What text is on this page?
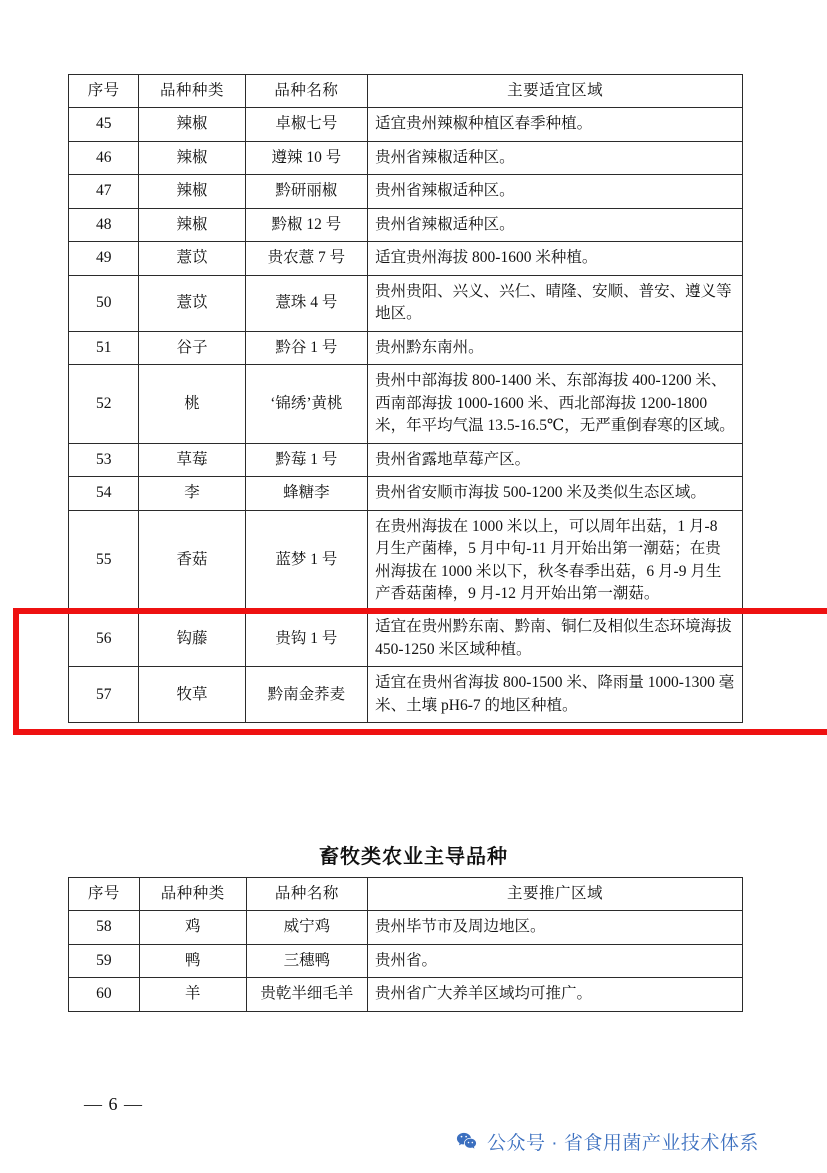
序号	品种种类	品种名称	主要适宜区域
45	辣椒	卓椒七号	适宜贵州辣椒种植区春季种植。
46	辣椒	遵辣 10 号	贵州省辣椒适种区。
47	辣椒	黔研丽椒	贵州省辣椒适种区。
48	辣椒	黔椒 12 号	贵州省辣椒适种区。
49	薏苡	贵农薏 7 号	适宜贵州海拔 800-1600 米种植。
50	薏苡	薏珠 4 号	贵州贵阳、兴义、兴仁、晴隆、安顺、普安、遵义等地区。
51	谷子	黔谷 1 号	贵州黔东南州。
52	桃	‘锦绣’黄桃	贵州中部海拔 800-1400 米、东部海拔 400-1200 米、西南部海拔 1000-1600 米、西北部海拔 1200-1800 米，年平均气温 13.5-16.5℃，无严重倒春寒的区域。
53	草莓	黔莓 1 号	贵州省露地草莓产区。
54	李	蜂糖李	贵州省安顺市海拔 500-1200 米及类似生态区域。
55	香菇	蓝梦 1 号	在贵州海拔在 1000 米以上，可以周年出菇，1 月-8 月生产菌棒，5 月中旬-11 月开始出第一潮菇；在贵州海拔在 1000 米以下，秋冬春季出菇，6 月-9 月生产香菇菌棒，9 月-12 月开始出第一潮菇。
56	钩藤	贵钩 1 号	适宜在贵州黔东南、黔南、铜仁及相似生态环境海拔 450-1250 米区域种植。
57	牧草	黔南金荞麦	适宜在贵州省海拔 800-1500 米、降雨量 1000-1300 毫米、土壤 pH6-7 的地区种植。
畜牧类农业主导品种
序号	品种种类	品种名称	主要推广区域
58	鸡	威宁鸡	贵州毕节市及周边地区。
59	鸭	三穗鸭	贵州省。
60	羊	贵乾半细毛羊	贵州省广大养羊区域均可推广。
— 6 —
公众号 · 省食用菌产业技术体系
